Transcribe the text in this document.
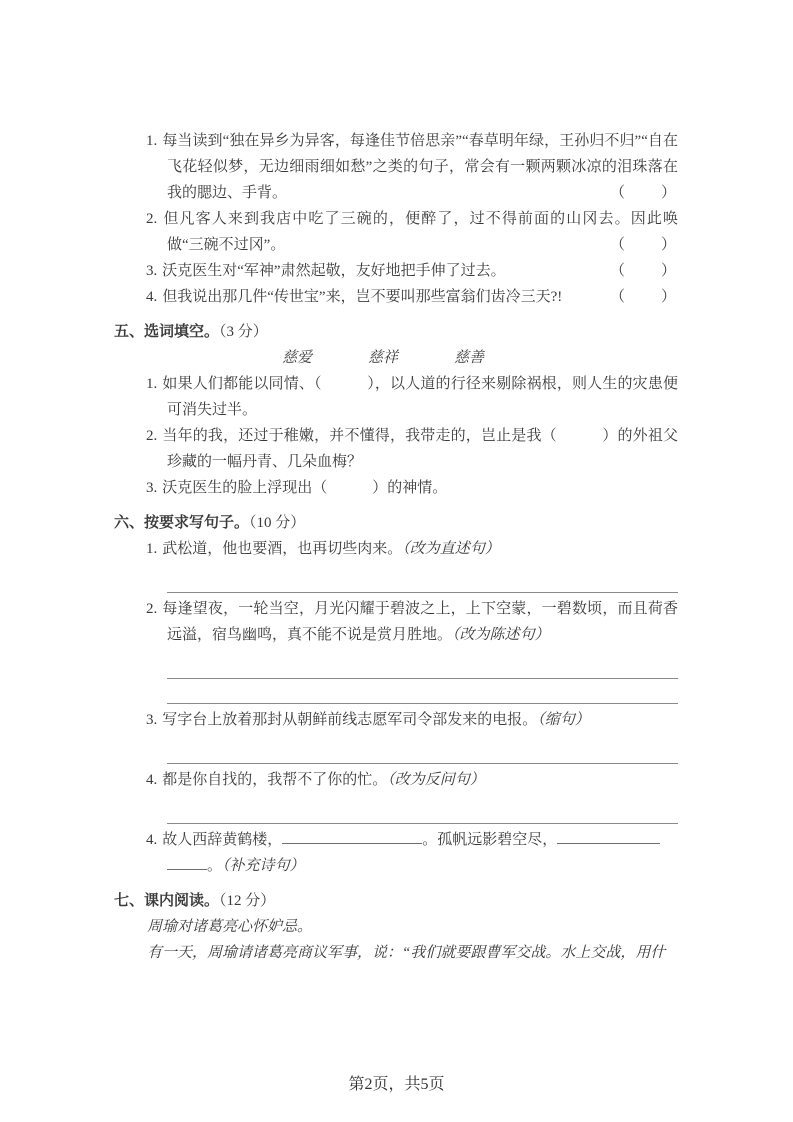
1. 每当读到“独在异乡为异客，每逢佳节倍思亲”“春草明年绿，王孙归不归”“自在飞花轻似梦，无边细雨细如愁”之类的句子，常会有一颗两颗冰凉的泪珠落在我的腮边、手背。	（　　）
2. 但凡客人来到我店中吃了三碗的，便醉了，过不得前面的山冈去。因此唤做“三碗不过冈”。	（　　）
3. 沃克医生对“军神”肃然起敬，友好地把手伸了过去。	（　　）
4. 但我说出那几件“传世宝”来，岂不要叫那些富翁们齿冷三天?!	（　　）
五、选词填空。（3 分）
慈爱	慈祥	慈善
1. 如果人们都能以同情、（　　　），以人道的行径来剔除祸根，则人生的灾患便可消失过半。
2. 当年的我，还过于稚嫩，并不懂得，我带走的，岂止是我（　　　）的外祖父珍藏的一幅丹青、几朵血梅？
3. 沃克医生的脸上浮现出（　　　）的神情。
六、按要求写句子。（10 分）
1. 武松道，他也要酒，也再切些肉来。（改为直述句）
2. 每逢望夜，一轮当空，月光闪耀于碧波之上，上下空蒙，一碧数顷，而且荷香远溢，宿鸟幽鸣，真不能不说是赏月胜地。（改为陈述句）
3. 写字台上放着那封从朝鲜前线志愿军司令部发来的电报。（缩句）
4. 都是你自找的，我帮不了你的忙。（改为反问句）
4. 故人西辞黄鹤楼，	。孤帆远影碧空尽，
。（补充诗句）
七、课内阅读。（12 分）
周瑜对诸葛亮心怀妒忌。
有一天，周瑜请诸葛亮商议军事，说：“我们就要跟曹军交战。水上交战，用什
第2页，共5页
